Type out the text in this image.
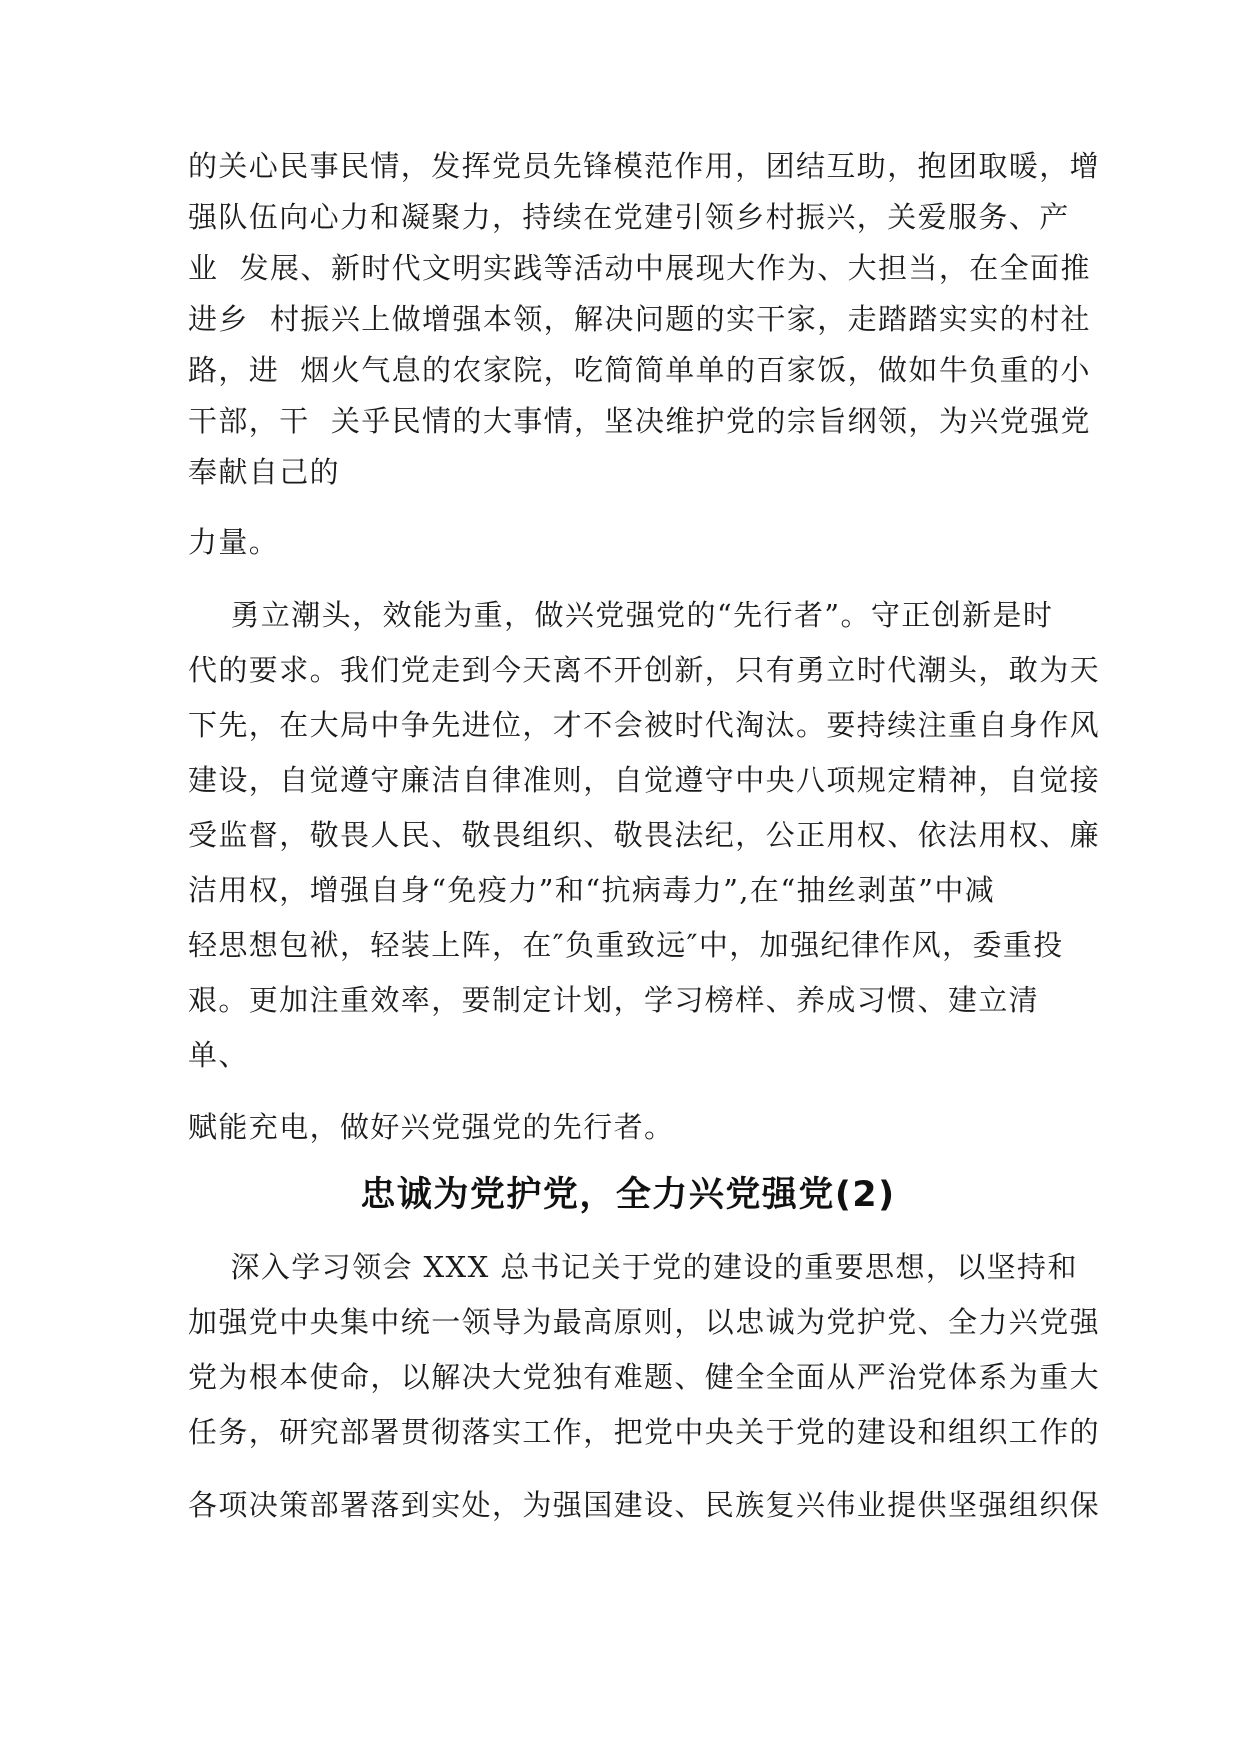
的关心民事民情，发挥党员先锋模范作用，团结互助，抱团取暖，增

强队伍向心力和凝聚力，持续在党建引领乡村振兴，关爱服务、产

业  发展、新时代文明实践等活动中展现大作为、大担当，在全面推

进乡  村振兴上做增强本领，解决问题的实干家，走踏踏实实的村社

路，进  烟火气息的农家院，吃简简单单的百家饭，做如牛负重的小

干部，干  关乎民情的大事情，坚决维护党的宗旨纲领，为兴党强党

奉献自己的

力量。

勇立潮头，效能为重，做兴党强党的“先行者”。守正创新是时

代的要求。我们党走到今天离不开创新，只有勇立时代潮头，敢为天

下先，在大局中争先进位，才不会被时代淘汰。要持续注重自身作风

建设，自觉遵守廉洁自律准则，自觉遵守中央八项规定精神，自觉接

受监督，敬畏人民、敬畏组织、敬畏法纪，公正用权、依法用权、廉

洁用权，增强自身“免疫力”和“抗病毒力”,在“抽丝剥茧”中减

轻思想包袱，轻装上阵，在″负重致远″中，加强纪律作风，委重投

艰。更加注重效率，要制定计划，学习榜样、养成习惯、建立清

单、

赋能充电，做好兴党强党的先行者。

忠诚为党护党，全力兴党强党(2)

深入学习领会 XXX 总书记关于党的建设的重要思想，以坚持和

加强党中央集中统一领导为最高原则，以忠诚为党护党、全力兴党强

党为根本使命，以解决大党独有难题、健全全面从严治党体系为重大

任务，研究部署贯彻落实工作，把党中央关于党的建设和组织工作的

各项决策部署落到实处，为强国建设、民族复兴伟业提供坚强组织保
